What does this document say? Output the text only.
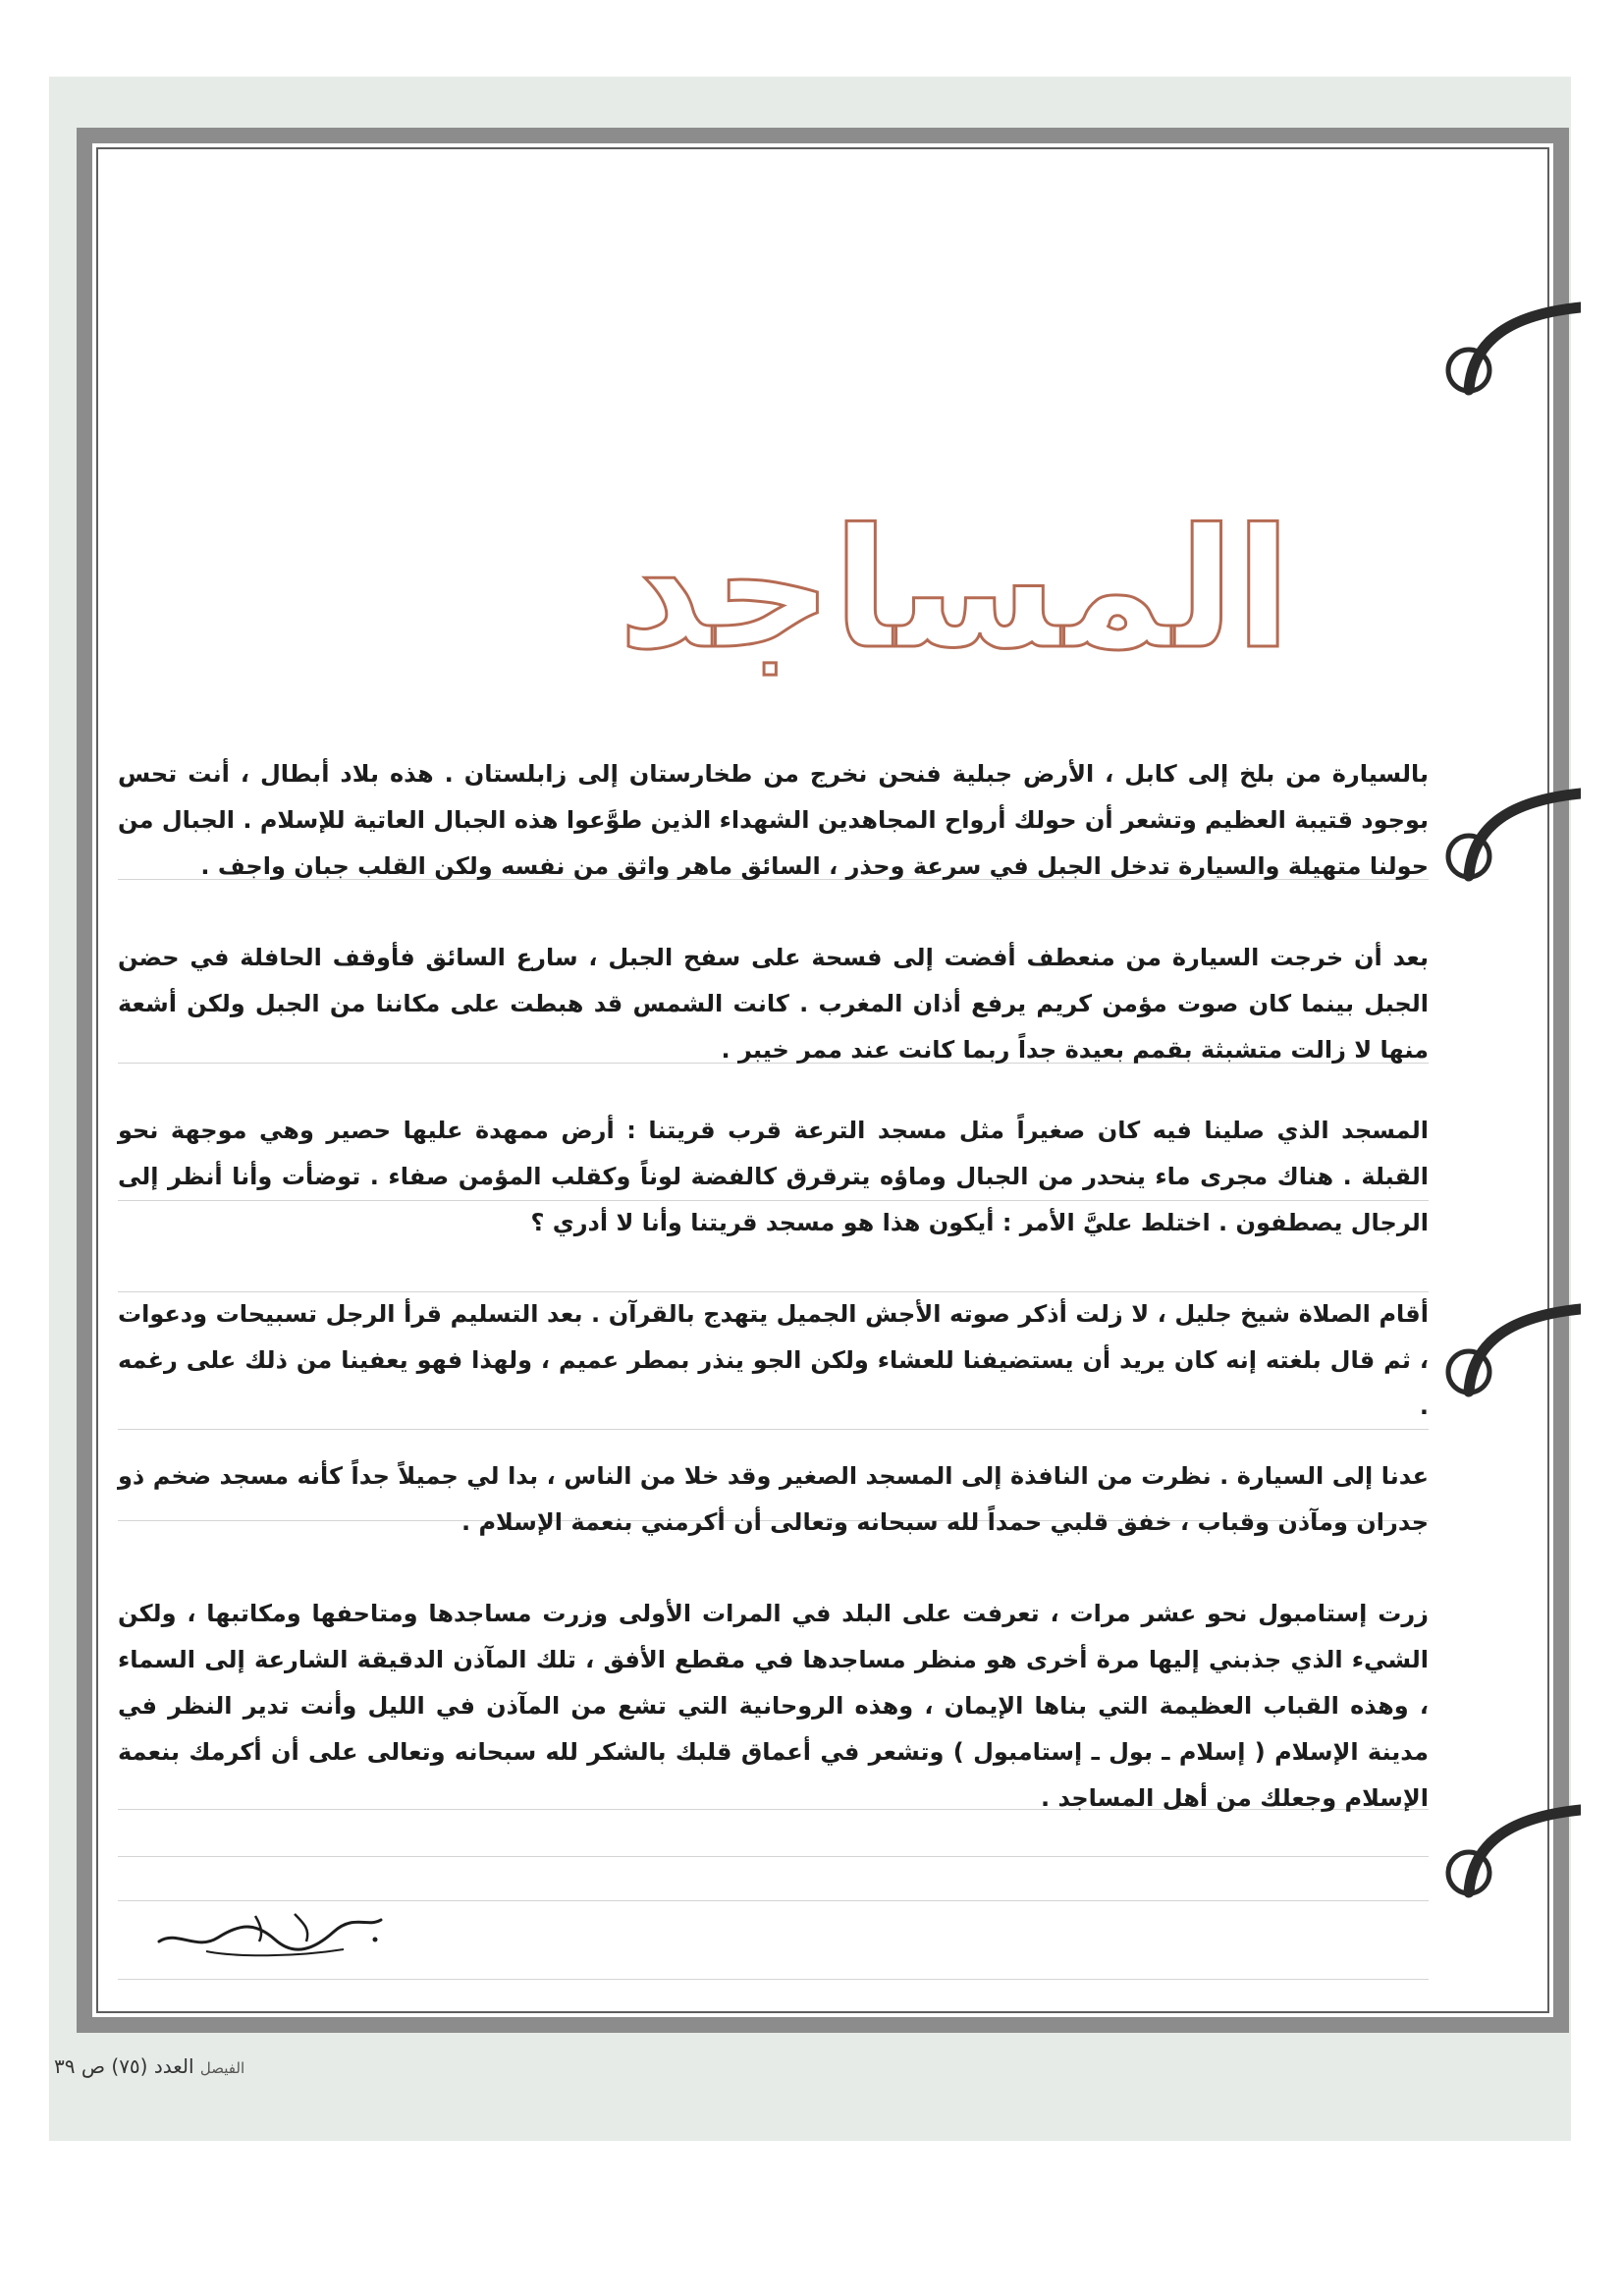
المساجد

بالسيارة من بلخ إلى كابل ، الأرض جبلية فنحن نخرج من طخارستان إلى زابلستان . هذه بلاد أبطال ، أنت تحس بوجود قتيبة العظيم وتشعر أن حولك أرواح المجاهدين الشهداء الذين طوَّعوا هذه الجبال العاتية للإسلام . الجبال من حولنا متهيلة والسيارة تدخل الجبل في سرعة وحذر ، السائق ماهر واثق من نفسه ولكن القلب جبان واجف .

بعد أن خرجت السيارة من منعطف أفضت إلى فسحة على سفح الجبل ، سارع السائق فأوقف الحافلة في حضن الجبل بينما كان صوت مؤمن كريم يرفع أذان المغرب . كانت الشمس قد هبطت على مكاننا من الجبل ولكن أشعة منها لا زالت متشبثة بقمم بعيدة جداً ربما كانت عند ممر خيبر .

المسجد الذي صلينا فيه كان صغيراً مثل مسجد الترعة قرب قريتنا : أرض ممهدة عليها حصير وهي موجهة نحو القبلة . هناك مجرى ماء ينحدر من الجبال وماؤه يترقرق كالفضة لوناً وكقلب المؤمن صفاء . توضأت وأنا أنظر إلى الرجال يصطفون . اختلط عليَّ الأمر : أيكون هذا هو مسجد قريتنا وأنا لا أدري ؟

أقام الصلاة شيخ جليل ، لا زلت أذكر صوته الأجش الجميل يتهدج بالقرآن . بعد التسليم قرأ الرجل تسبيحات ودعوات ، ثم قال بلغته إنه كان يريد أن يستضيفنا للعشاء ولكن الجو ينذر بمطر عميم ، ولهذا فهو يعفينا من ذلك على رغمه .

عدنا إلى السيارة . نظرت من النافذة إلى المسجد الصغير وقد خلا من الناس ، بدا لي جميلاً جداً كأنه مسجد ضخم ذو جدران ومآذن وقباب ، خفق قلبي حمداً لله سبحانه وتعالى أن أكرمني بنعمة الإسلام .

زرت إستامبول نحو عشر مرات ، تعرفت على البلد في المرات الأولى وزرت مساجدها ومتاحفها ومكاتبها ، ولكن الشيء الذي جذبني إليها مرة أخرى هو منظر مساجدها في مقطع الأفق ، تلك المآذن الدقيقة الشارعة إلى السماء ، وهذه القباب العظيمة التي بناها الإيمان ، وهذه الروحانية التي تشع من المآذن في الليل وأنت تدير النظر في مدينة الإسلام ( إسلام ـ بول ـ إستامبول ) وتشعر في أعماق قلبك بالشكر لله سبحانه وتعالى على أن أكرمك بنعمة الإسلام وجعلك من أهل المساجد .

الفيصل العدد (٧٥) ص ٣٩
